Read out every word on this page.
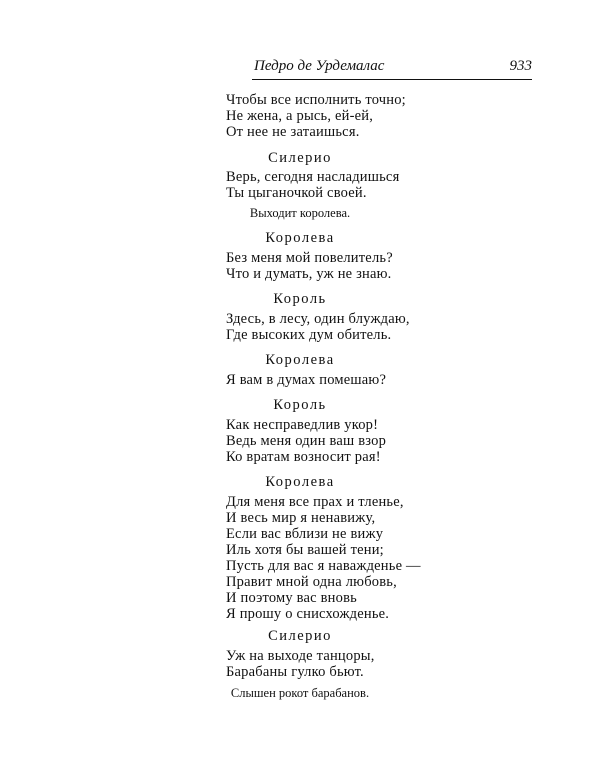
Педро де Урдемалас	933
Чтобы все исполнить точно;
Не жена, а рысь, ей-ей,
От нее не затаишься.
Силерио
Верь, сегодня насладишься
Ты цыганочкой своей.
Выходит королева.
Королева
Без меня мой повелитель?
Что и думать, уж не знаю.
Король
Здесь, в лесу, один блуждаю,
Где высоких дум обитель.
Королева
Я вам в думах помешаю?
Король
Как несправедлив укор!
Ведь меня один ваш взор
Ко вратам возносит рая!
Королева
Для меня все прах и тленье,
И весь мир я ненавижу,
Если вас вблизи не вижу
Иль хотя бы вашей тени;
Пусть для вас я наважденье —
Правит мной одна любовь,
И поэтому вас вновь
Я прошу о снисхожденье.
Силерио
Уж на выходе танцоры,
Барабаны гулко бьют.
Слышен рокот барабанов.
